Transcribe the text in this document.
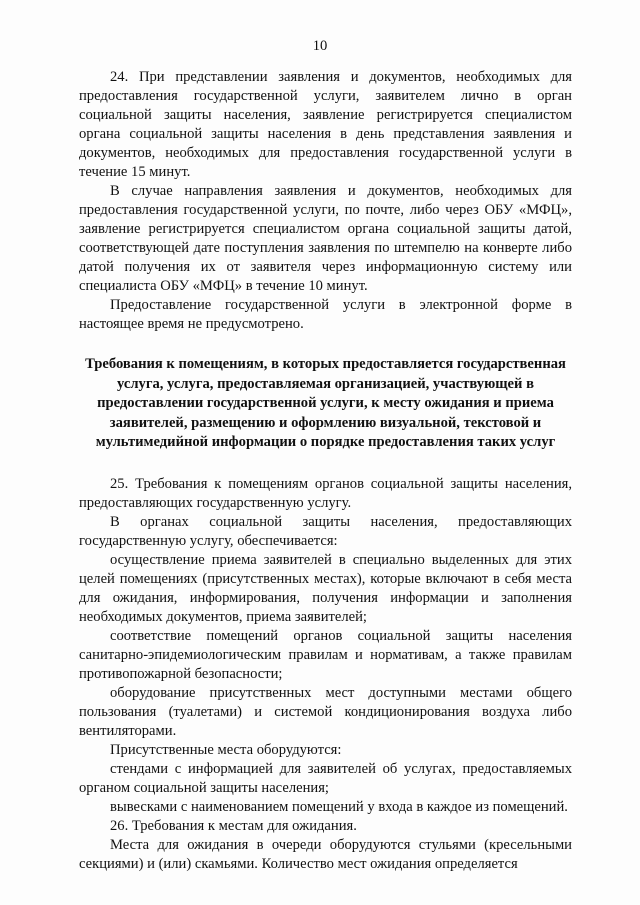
10

24. При представлении заявления и документов, необходимых для предоставления государственной услуги, заявителем лично в орган социальной защиты населения, заявление регистрируется специалистом органа социальной защиты населения в день представления заявления и документов, необходимых для предоставления государственной услуги в течение 15 минут.

В случае направления заявления и документов, необходимых для предоставления государственной услуги, по почте, либо через ОБУ «МФЦ», заявление регистрируется специалистом органа социальной защиты датой, соответствующей дате поступления заявления по штемпелю на конверте либо датой получения их от заявителя через информационную систему или специалиста ОБУ «МФЦ» в течение 10 минут.

Предоставление государственной услуги в электронной форме в настоящее время не предусмотрено.

Требования к помещениям, в которых предоставляется государственная услуга, услуга, предоставляемая организацией, участвующей в предоставлении государственной услуги, к месту ожидания и приема заявителей, размещению и оформлению визуальной, текстовой и мультимедийной информации о порядке предоставления таких услуг

25. Требования к помещениям органов социальной защиты населения, предоставляющих государственную услугу.

В органах социальной защиты населения, предоставляющих государственную услугу, обеспечивается:

осуществление приема заявителей в специально выделенных для этих целей помещениях (присутственных местах), которые включают в себя места для ожидания, информирования, получения информации и заполнения необходимых документов, приема заявителей;

соответствие помещений органов социальной защиты населения санитарно-эпидемиологическим правилам и нормативам, а также правилам противопожарной безопасности;

оборудование присутственных мест доступными местами общего пользования (туалетами) и системой кондиционирования воздуха либо вентиляторами.

Присутственные места оборудуются:

стендами с информацией для заявителей об услугах, предоставляемых органом социальной защиты населения;

вывесками с наименованием помещений у входа в каждое из помещений.

26. Требования к местам для ожидания.

Места для ожидания в очереди оборудуются стульями (кресельными секциями) и (или) скамьями. Количество мест ожидания определяется
